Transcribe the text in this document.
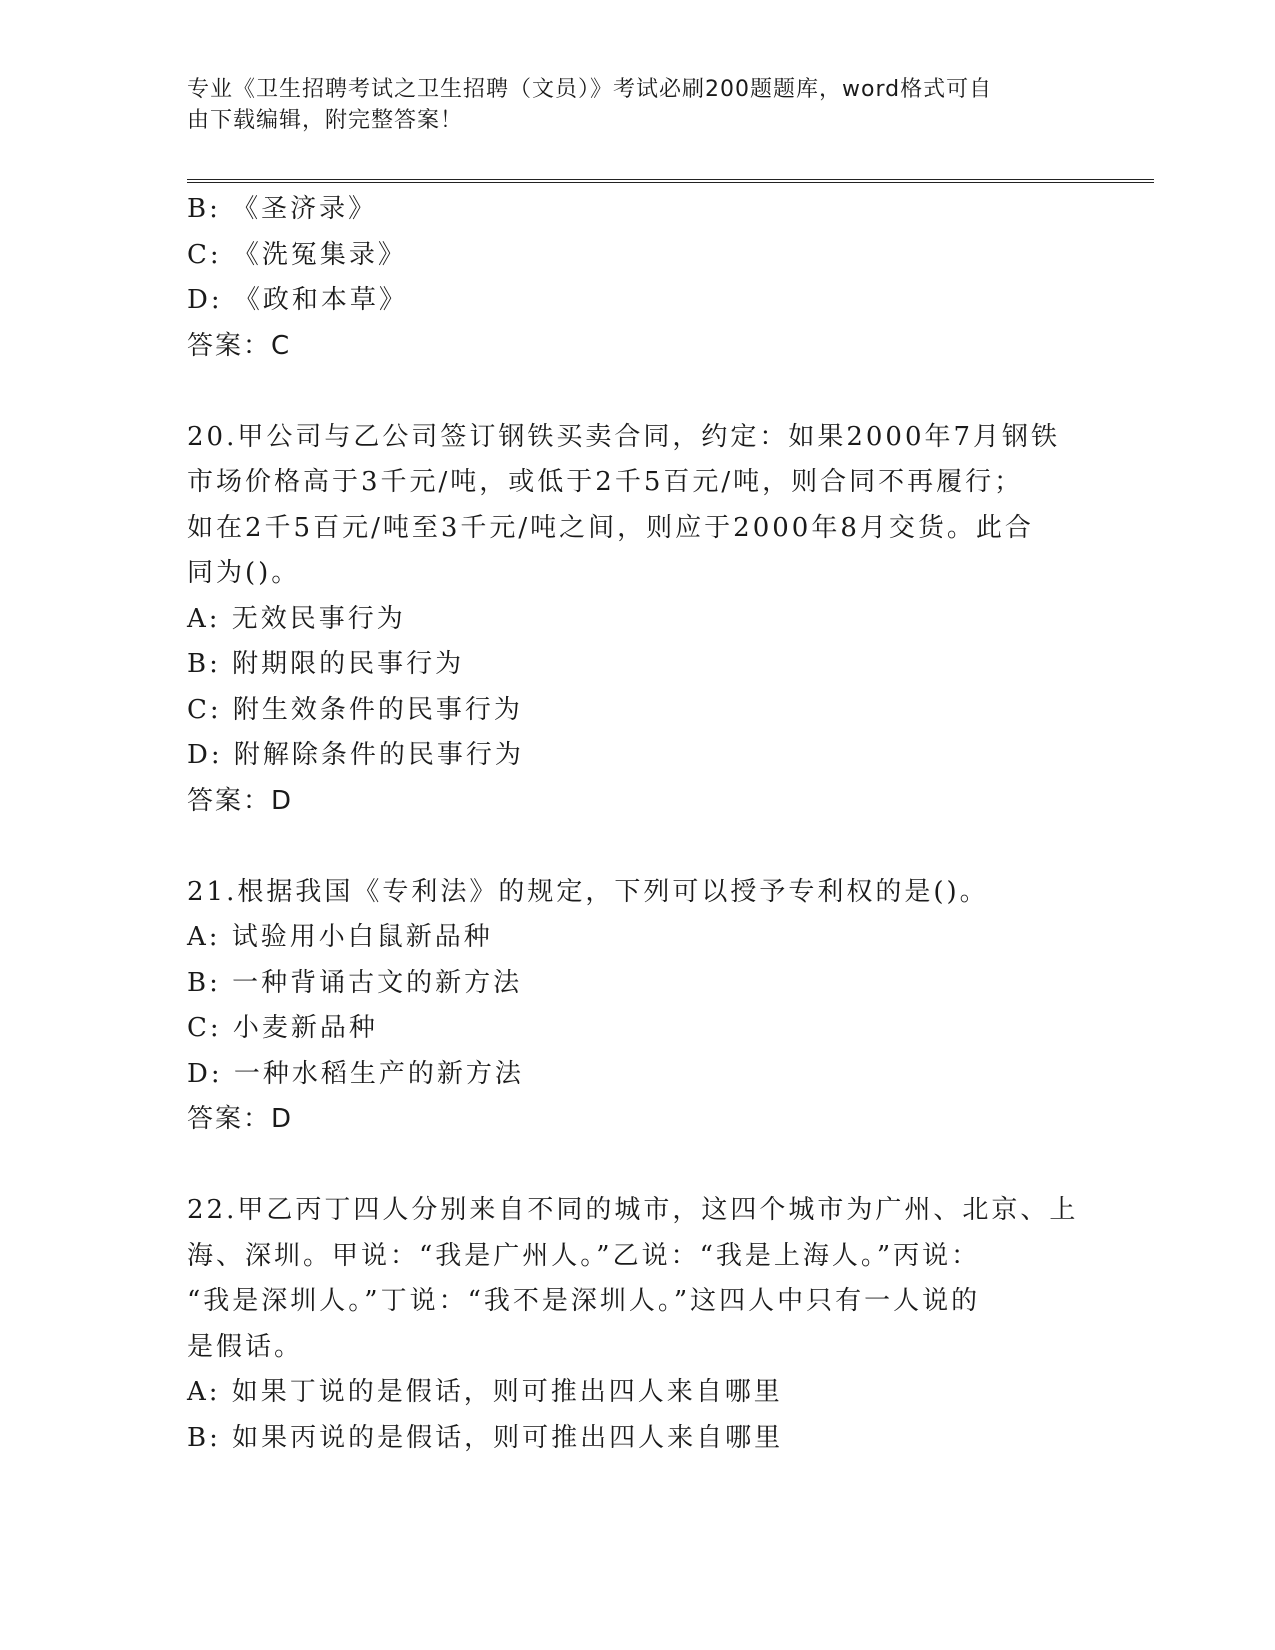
专业《卫生招聘考试之卫生招聘（文员）》考试必刷200题题库，word格式可自
由下载编辑，附完整答案！
B: 《圣济录》
C: 《洗冤集录》
D: 《政和本草》
答案：C
20.甲公司与乙公司签订钢铁买卖合同，约定：如果2000年7月钢铁
市场价格高于3千元/吨，或低于2千5百元/吨，则合同不再履行；
如在2千5百元/吨至3千元/吨之间，则应于2000年8月交货。此合
同为()。
A: 无效民事行为
B: 附期限的民事行为
C: 附生效条件的民事行为
D: 附解除条件的民事行为
答案：D
21.根据我国《专利法》的规定，下列可以授予专利权的是()。
A: 试验用小白鼠新品种
B: 一种背诵古文的新方法
C: 小麦新品种
D: 一种水稻生产的新方法
答案：D
22.甲乙丙丁四人分别来自不同的城市，这四个城市为广州、北京、上
海、深圳。甲说：“我是广州人。”乙说：“我是上海人。”丙说：
“我是深圳人。”丁说：“我不是深圳人。”这四人中只有一人说的
是假话。
A: 如果丁说的是假话，则可推出四人来自哪里
B: 如果丙说的是假话，则可推出四人来自哪里
